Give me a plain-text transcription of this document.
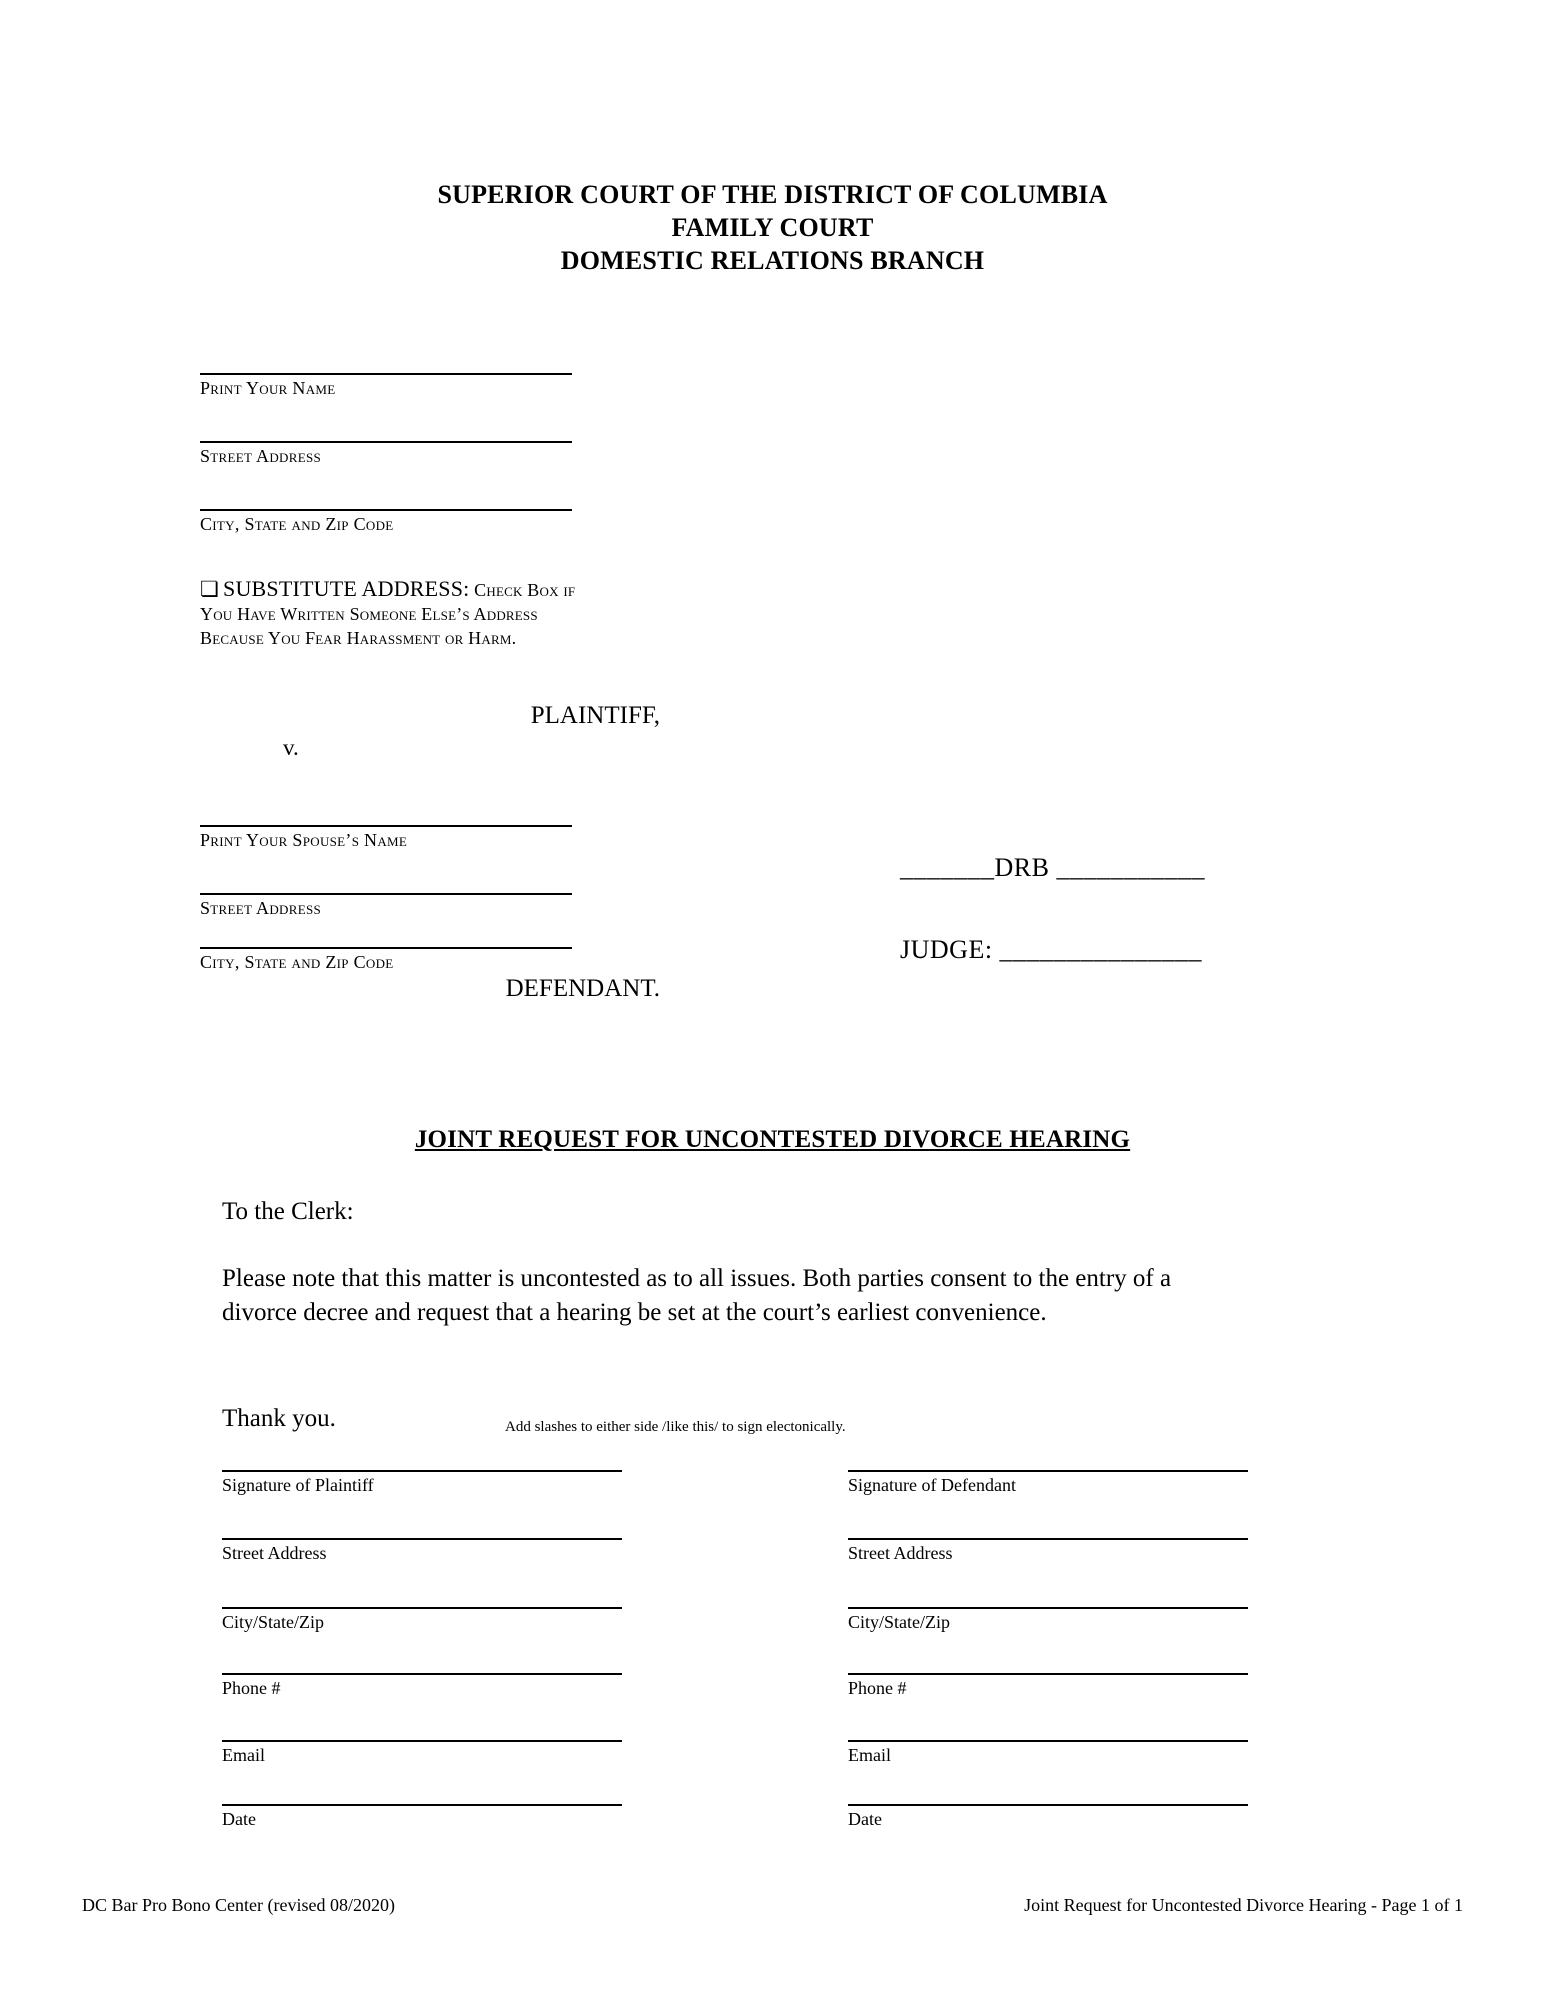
SUPERIOR COURT OF THE DISTRICT OF COLUMBIA
FAMILY COURT
DOMESTIC RELATIONS BRANCH
Print Your Name
Street Address
City, State and Zip Code
❏ SUBSTITUTE ADDRESS: Check Box if You Have Written Someone Else’s Address Because You Fear Harassment or Harm.
PLAINTIFF,
v.
Print Your Spouse’s Name
Street Address
City, State and Zip Code
DEFENDANT.
_______DRB ___________
JUDGE: _______________
JOINT REQUEST FOR UNCONTESTED DIVORCE HEARING
To the Clerk:
Please note that this matter is uncontested as to all issues. Both parties consent to the entry of a divorce decree and request that a hearing be set at the court’s earliest convenience.
Thank you.	Add slashes to either side /like this/ to sign electonically.
Signature of Plaintiff
Street Address
City/State/Zip
Phone #
Email
Date
Signature of Defendant
Street Address
City/State/Zip
Phone #
Email
Date
DC Bar Pro Bono Center (revised 08/2020)	Joint Request for Uncontested Divorce Hearing - Page 1 of 1
